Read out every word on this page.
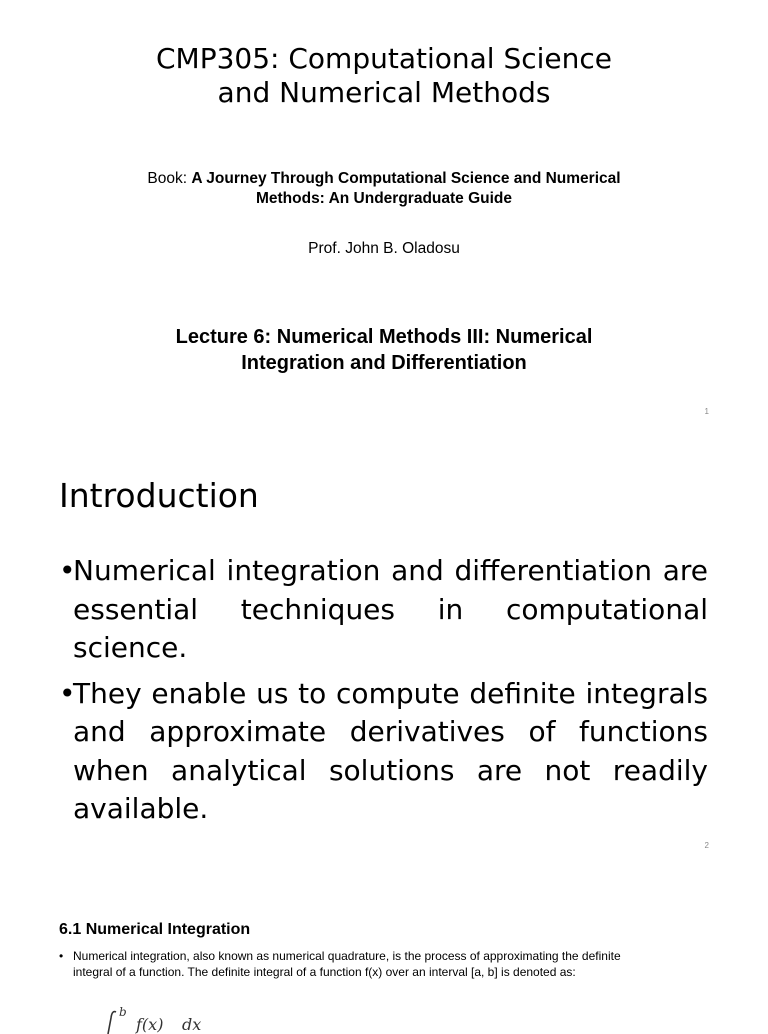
CMP305: Computational Science
and Numerical Methods
Book: A Journey Through Computational Science and Numerical
Methods: An Undergraduate Guide
Prof. John B. Oladosu
Lecture 6: Numerical Methods III: Numerical
Integration and Differentiation
1
Introduction
•
Numerical integration and differentiation are essential techniques in computational science.
•
They enable us to compute definite integrals and approximate derivatives of functions when analytical solutions are not readily available.
2
6.1 Numerical Integration
• Numerical integration, also known as numerical quadrature, is the process of approximating the definite
integral of a function. The definite integral of a function f(x) over an interval [a, b] is denoted as:
b
f(x) dx
